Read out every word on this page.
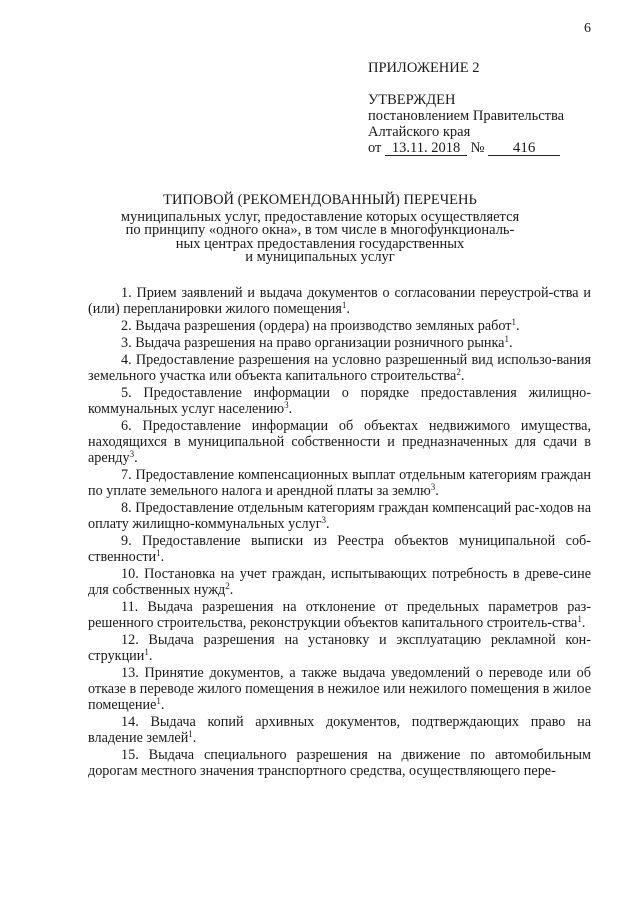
6

ПРИЛОЖЕНИЕ 2

УТВЕРЖДЕН

постановлением Правительства

Алтайского края

от 13.11. 2018 № 416

ТИПОВОЙ (РЕКОМЕНДОВАННЫЙ) ПЕРЕЧЕНЬ

муниципальных услуг, предоставление которых осуществляется

по принципу «одного окна», в том числе в многофункциональ-

ных центрах предоставления государственных

и муниципальных услуг

1. Прием заявлений и выдача документов о согласовании переустрой-ства и (или) перепланировки жилого помещения$^1$.
2. Выдача разрешения (ордера) на производство земляных работ$^1$.
3. Выдача разрешения на право организации розничного рынка$^1$.
4. Предоставление разрешения на условно разрешенный вид использо-вания земельного участка или объекта капитального строительства$^2$.
5. Предоставление информации о порядке предоставления жилищно-коммунальных услуг населению$^3$.
6. Предоставление информации об объектах недвижимого имущества, находящихся в муниципальной собственности и предназначенных для сдачи в аренду$^3$.
7. Предоставление компенсационных выплат отдельным категориям граждан по уплате земельного налога и арендной платы за землю$^3$.
8. Предоставление отдельным категориям граждан компенсаций рас-ходов на оплату жилищно-коммунальных услуг$^3$.
9. Предоставление выписки из Реестра объектов муниципальной соб-ственности$^1$.
10. Постановка на учет граждан, испытывающих потребность в древе-сине для собственных нужд$^2$.
11. Выдача разрешения на отклонение от предельных параметров раз-решенного строительства, реконструкции объектов капитального строитель-ства$^1$.
12. Выдача разрешения на установку и эксплуатацию рекламной кон-струкции$^1$.
13. Принятие документов, а также выдача уведомлений о переводе или об отказе в переводе жилого помещения в нежилое или нежилого помещения в жилое помещение$^1$.
14. Выдача копий архивных документов, подтверждающих право на владение землей$^1$.
15. Выдача специального разрешения на движение по автомобильным дорогам местного значения транспортного средства, осуществляющего пере-
